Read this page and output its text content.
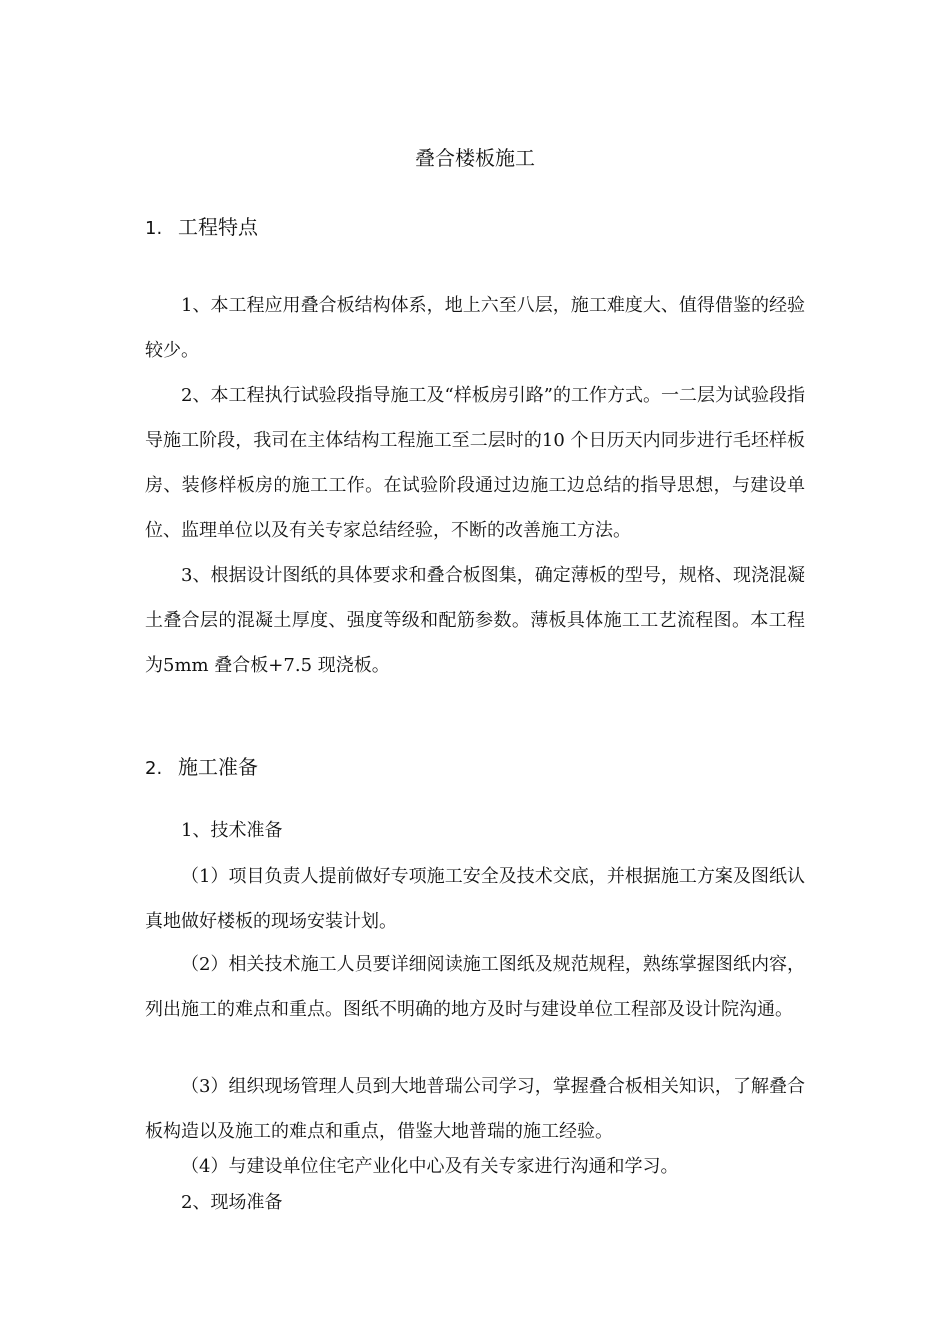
叠合楼板施工
1. 工程特点

1、本工程应用叠合板结构体系，地上六至八层，施工难度大、值得借鉴的经验较少。

2、本工程执行试验段指导施工及“样板房引路”的工作方式。一二层为试验段指导施工阶段，我司在主体结构工程施工至二层时的10 个日历天内同步进行毛坯样板房、装修样板房的施工工作。在试验阶段通过边施工边总结的指导思想，与建设单位、监理单位以及有关专家总结经验，不断的改善施工方法。

3、根据设计图纸的具体要求和叠合板图集，确定薄板的型号，规格、现浇混凝土叠合层的混凝土厚度、强度等级和配筋参数。薄板具体施工工艺流程图。本工程为5mm 叠合板+7.5 现浇板。

2. 施工准备

1、技术准备

（1）项目负责人提前做好专项施工安全及技术交底，并根据施工方案及图纸认真地做好楼板的现场安装计划。

（2）相关技术施工人员要详细阅读施工图纸及规范规程，熟练掌握图纸内容，列出施工的难点和重点。图纸不明确的地方及时与建设单位工程部及设计院沟通。

（3）组织现场管理人员到大地普瑞公司学习，掌握叠合板相关知识，了解叠合板构造以及施工的难点和重点，借鉴大地普瑞的施工经验。

（4）与建设单位住宅产业化中心及有关专家进行沟通和学习。

2、现场准备
